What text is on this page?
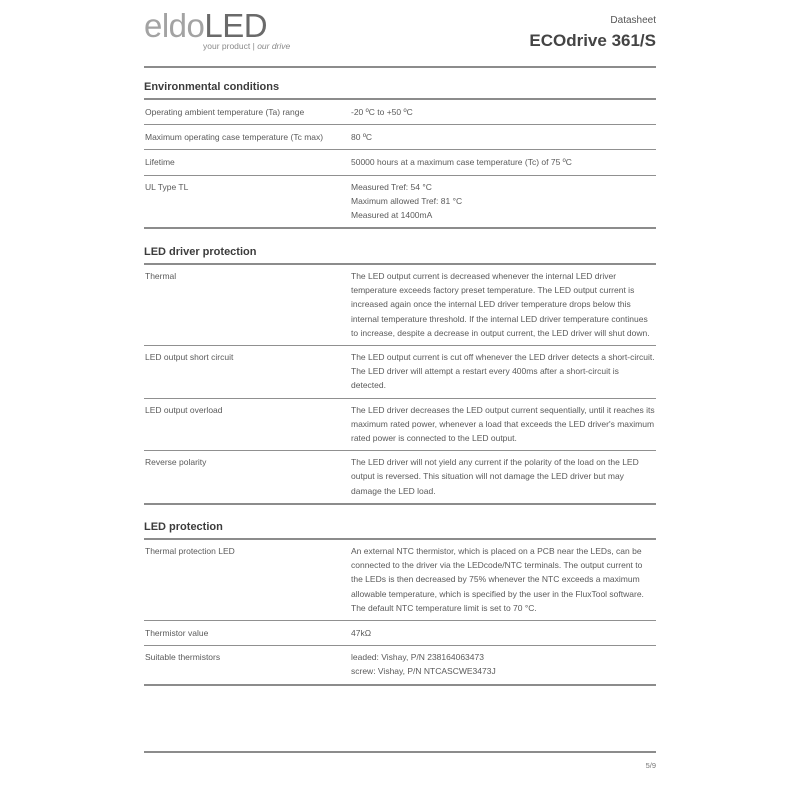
eldoLED
your product | our drive
Datasheet
ECOdrive 361/S
Environmental conditions
Operating ambient temperature (Ta) range	-20 ºC to +50 ºC
Maximum operating case temperature (Tc max)	80 ºC
Lifetime	50000 hours at a maximum case temperature (Tc) of 75 ºC
UL Type TL	Measured Tref: 54 °C
Maximum allowed Tref: 81 °C
Measured at 1400mA
LED driver protection
Thermal	The LED output current is decreased whenever the internal LED driver temperature exceeds factory preset temperature. The LED output current is increased again once the internal LED driver temperature drops below this internal temperature threshold. If the internal LED driver temperature continues to increase, despite a decrease in output current, the LED driver will shut down.
LED output short circuit	The LED output current is cut off whenever the LED driver detects a short-circuit. The LED driver will attempt a restart every 400ms after a short-circuit is detected.
LED output overload	The LED driver decreases the LED output current sequentially, until it reaches its maximum rated power, whenever a load that exceeds the LED driver's maximum rated power is connected to the LED output.
Reverse polarity	The LED driver will not yield any current if the polarity of the load on the LED output is reversed. This situation will not damage the LED driver but may damage the LED load.
LED protection
Thermal protection LED	An external NTC thermistor, which is placed on a PCB near the LEDs, can be connected to the driver via the LEDcode/NTC terminals. The output current to the LEDs is then decreased by 75% whenever the NTC exceeds a maximum allowable temperature, which is specified by the user in the FluxTool software. The default NTC temperature limit is set to 70 °C.
Thermistor value	47kΩ
Suitable thermistors	leaded: Vishay, P/N 238164063473
screw: Vishay, P/N NTCASCWE3473J
5/9
